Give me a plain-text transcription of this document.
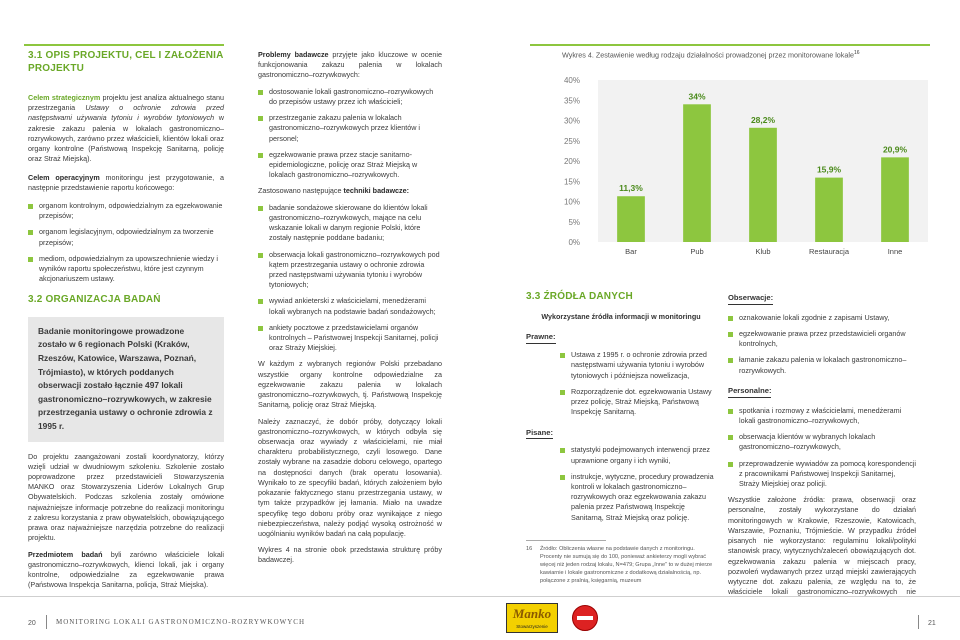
3.1 OPIS PROJEKTU, CEL I ZAŁOŻENIA PROJEKTU

Celem strategicznym projektu jest analiza aktualnego stanu przestrzegania Ustawy o ochronie zdrowia przed następstwami używania tytoniu i wyrobów tytoniowych w zakresie zakazu palenia w lokalach gastronomiczno–rozrywkowych, zarówno przez właścicieli, klientów lokali oraz organy kontrolne (Państwową Inspekcję Sanitarną, policję oraz Straż Miejską).

Celem operacyjnym monitoringu jest przygotowanie, a następnie przedstawienie raportu końcowego:

organom kontrolnym, odpowiedzialnym za egzekwowanie przepisów;
organom legislacyjnym, odpowiedzialnym za tworzenie przepisów;
mediom, odpowiedzialnym za upowszechnienie wiedzy i wyników raportu społeczeństwu, które jest czynnym akcjonariuszem ustawy.
3.2 ORGANIZACJA BADAŃ
Badanie monitoringowe prowadzone zostało w 6 regionach Polski (Kraków, Rzeszów, Katowice, Warszawa, Poznań, Trójmiasto), w których poddanych obserwacji zostało łącznie 497 lokali gastronomiczno–rozrywkowych, w zakresie przestrzegania ustawy o ochronie zdrowia z 1995 r.

Do projektu zaangażowani zostali koordynatorzy, którzy wzięli udział w dwudniowym szkoleniu. Szkolenie zostało poprowadzone przez przedstawicieli Stowarzyszenia MANKO oraz Stowarzyszenia Liderów Lokalnych Grup Obywatelskich. Podczas szkolenia zostały omówione najważniejsze informacje potrzebne do realizacji monitoringu z zakresu korzystania z praw obywatelskich, obowiązującego prawa oraz najważniejsze narzędzia potrzebne do realizacji projektu.

Przedmiotem badań byli zarówno właściciele lokali gastronomiczno–rozrywkowych, klienci lokali, jak i organy kontrolne, odpowiedzialne za egzekwowanie prawa (Państwowa Inspekcja Sanitarna, policja, Straż Miejska).

Problemy badawcze przyjęte jako kluczowe w ocenie funkcjonowania zakazu palenia w lokalach gastronomiczno–rozrywkowych:

dostosowanie lokali gastronomiczno–rozrywkowych do przepisów ustawy przez ich właścicieli;
przestrzeganie zakazu palenia w lokalach gastronomiczno–rozrywkowych przez klientów i personel;
egzekwowanie prawa przez stacje sanitarno-epidemiologiczne, policję oraz Straż Miejską w lokalach gastronomiczno–rozrywkowych.

Zastosowano następujące techniki badawcze:

badanie sondażowe skierowane do klientów lokali gastronomiczno–rozrywkowych, mające na celu wskazanie lokali w danym regionie Polski, które zostały następnie poddane badaniu;
obserwacja lokali gastronomiczno–rozrywkowych pod kątem przestrzegania ustawy o ochronie zdrowia przed następstwami używania tytoniu i wyrobów tytoniowych;
wywiad ankieterski z właścicielami, menedżerami lokali wybranych na podstawie badań sondażowych;
ankiety pocztowe z przedstawicielami organów kontrolnych – Państwowej Inspekcji Sanitarnej, policji oraz Straży Miejskiej.

W każdym z wybranych regionów Polski przebadano wszystkie organy kontrolne odpowiedzialne za egzekwowanie zakazu palenia w lokalach gastronomiczno–rozrywkowych, tj. Państwową Inspekcję Sanitarną, policję oraz Straż Miejską.

Należy zaznaczyć, że dobór próby, dotyczący lokali gastronomiczno–rozrywkowych, w których odbyła się obserwacja oraz wywiady z właścicielami, nie miał charakteru probabilistycznego, czyli losowego. Dane zostały wybrane na zasadzie doboru celowego, opartego na dostępności danych (brak operatu losowania). Wynikało to ze specyfiki badań, których założeniem było pokazanie faktycznego stanu przestrzegania ustawy, w tym także przypadków jej łamania. Miało na uwadze specyfikę tego doboru próby oraz wynikające z niego niebezpieczeństwa, należy podjąć wysoką ostrożność w uogólnianiu wyników badań na całą populację.

Wykres 4 na stronie obok przedstawia strukturę próby badawczej.

Wykres 4. Zestawienie według rodzaju działalności prowadzonej przez monitorowane lokale$^{16}$
0%
5%
10%
15%
20%
25%
30%
35%
40%
11,3%
Bar
34%
Pub
28,2%
Klub
15,9%
Restauracja
20,9%
Inne
3.3 ŹRÓDŁA DANYCH
Wykorzystane źródła informacji w monitoringu
Prawne:
Ustawa z 1995 r. o ochronie zdrowia przed następstwami używania tytoniu i wyrobów tytoniowych i późniejsza nowelizacja,
Rozporządzenie dot. egzekwowania Ustawy przez policję, Straż Miejską, Państwową Inspekcję Sanitarną.
Pisane:
statystyki podejmowanych interwencji przez uprawnione organy i ich wyniki,
instrukcje, wytyczne, procedury prowadzenia kontroli w lokalach gastronomiczno–rozrywkowych oraz egzekwowania zakazu palenia przez Państwową Inspekcję Sanitarną, Straż Miejską oraz policję.
16	Źródło: Obliczenia własne na podstawie danych z monitoringu. Procenty nie sumują się do 100, ponieważ ankieterzy mogli wybrać więcej niż jeden rodzaj lokalu, N=479; Grupa „Inne” to w dużej mierze kawiarnie i lokale gastronomiczne z dodatkową działalnością, np. połączone z pralnią, księgarnią, muzeum
Obserwacje:
oznakowanie lokali zgodnie z zapisami Ustawy,
egzekwowanie prawa przez przedstawicieli organów kontrolnych,
łamanie zakazu palenia w lokalach gastronomiczno–rozrywkowych.
Personalne:
spotkania i rozmowy z właścicielami, menedżerami lokali gastronomiczno–rozrywkowych,
obserwacja klientów w wybranych lokalach gastronomiczno–rozrywkowych,
przeprowadzenie wywiadów za pomocą korespondencji z pracownikami Państwowej Inspekcji Sanitarnej, Straży Miejskiej oraz policji.

Wszystkie założone źródła: prawa, obserwacji oraz personalne, zostały wykorzystane do działań monitoringowych w Krakowie, Rzeszowie, Katowicach, Warszawie, Poznaniu, Trójmieście. W przypadku źródeł pisanych nie wykorzystano: regulaminu lokali/polityki stanowisk pracy, wytycznych/zaleceń obowiązujących dot. egzekwowania zakazu palenia w miejscach pracy, pozwoleń wydawanych przez urząd miejski zawierających wytyczne dot. zakazu palenia, ze względu na to, że właściciele lokali gastronomiczno–rozrywkowych nie

20	MONITORING LOKALI GASTRONOMICZNO-ROZRYWKOWYCH
Manko
Stowarzyszenie	21
